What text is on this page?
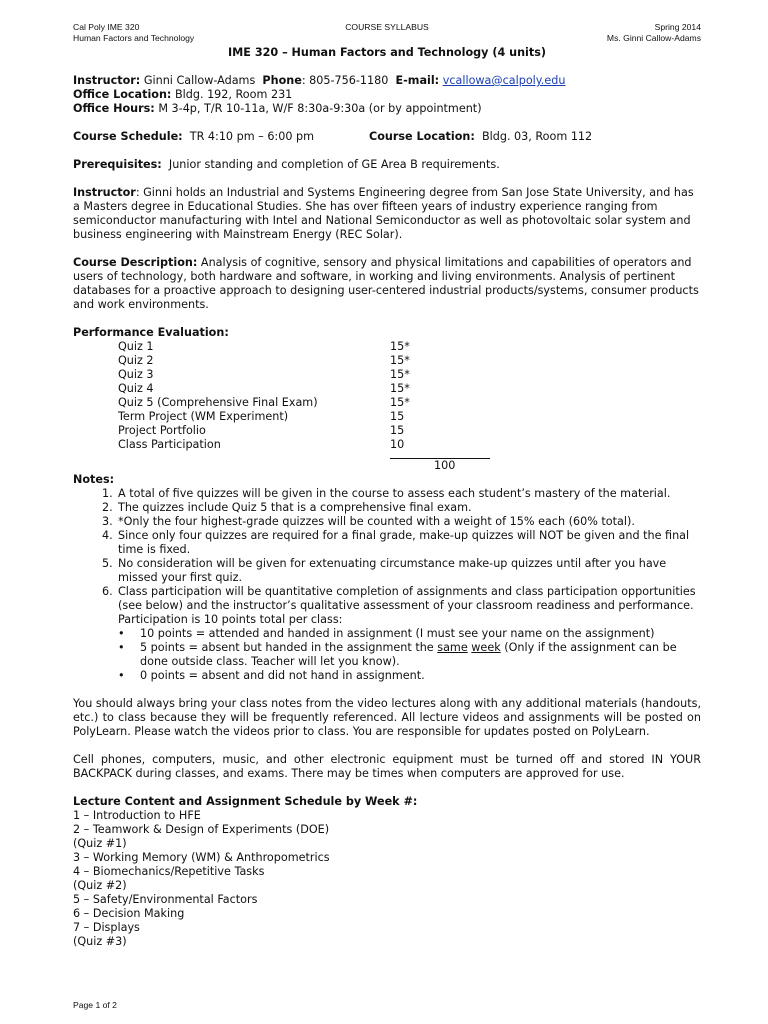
Cal Poly IME 320
Human Factors and Technology
COURSE SYLLABUS	Spring 2014
Ms. Ginni Callow-Adams
IME 320 – Human Factors and Technology (4 units)
Instructor: Ginni Callow-Adams Phone: 805-756-1180 E-mail: vcallowa@calpoly.edu
Office Location: Bldg. 192, Room 231
Office Hours: M 3-4p, T/R 10-11a, W/F 8:30a-9:30a (or by appointment)
Course Schedule: TR 4:10 pm – 6:00 pm	Course Location: Bldg. 03, Room 112
Prerequisites: Junior standing and completion of GE Area B requirements.

Instructor: Ginni holds an Industrial and Systems Engineering degree from San Jose State University, and has a Masters degree in Educational Studies. She has over fifteen years of industry experience ranging from semiconductor manufacturing with Intel and National Semiconductor as well as photovoltaic solar system and business engineering with Mainstream Energy (REC Solar).

Course Description: Analysis of cognitive, sensory and physical limitations and capabilities of operators and users of technology, both hardware and software, in working and living environments. Analysis of pertinent databases for a proactive approach to designing user-centered industrial products/systems, consumer products and work environments.

Performance Evaluation:
Quiz 1	15*
Quiz 2	15*
Quiz 3	15*
Quiz 4	15*
Quiz 5 (Comprehensive Final Exam)	15*
Term Project (WM Experiment)	15
Project Portfolio	15
Class Participation	10
100
Notes:
1. A total of five quizzes will be given in the course to assess each student’s mastery of the material.
2. The quizzes include Quiz 5 that is a comprehensive final exam.
3. *Only the four highest-grade quizzes will be counted with a weight of 15% each (60% total).
4. Since only four quizzes are required for a final grade, make-up quizzes will NOT be given and the final time is fixed.
5. No consideration will be given for extenuating circumstance make-up quizzes until after you have missed your first quiz.
6. Class participation will be quantitative completion of assignments and class participation opportunities (see below) and the instructor’s qualitative assessment of your classroom readiness and performance. Participation is 10 points total per class:
•	10 points = attended and handed in assignment (I must see your name on the assignment)
•	5 points = absent but handed in the assignment the same week (Only if the assignment can be done outside class. Teacher will let you know).
•	0 points = absent and did not hand in assignment.

You should always bring your class notes from the video lectures along with any additional materials (handouts, etc.) to class because they will be frequently referenced. All lecture videos and assignments will be posted on PolyLearn. Please watch the videos prior to class. You are responsible for updates posted on PolyLearn.

Cell phones, computers, music, and other electronic equipment must be turned off and stored IN YOUR BACKPACK during classes, and exams. There may be times when computers are approved for use.

Lecture Content and Assignment Schedule by Week #:
1 – Introduction to HFE
2 – Teamwork & Design of Experiments (DOE)
(Quiz #1)
3 – Working Memory (WM) & Anthropometrics
4 – Biomechanics/Repetitive Tasks
(Quiz #2)
5 – Safety/Environmental Factors
6 – Decision Making
7 – Displays
(Quiz #3)
Page 1 of 2
